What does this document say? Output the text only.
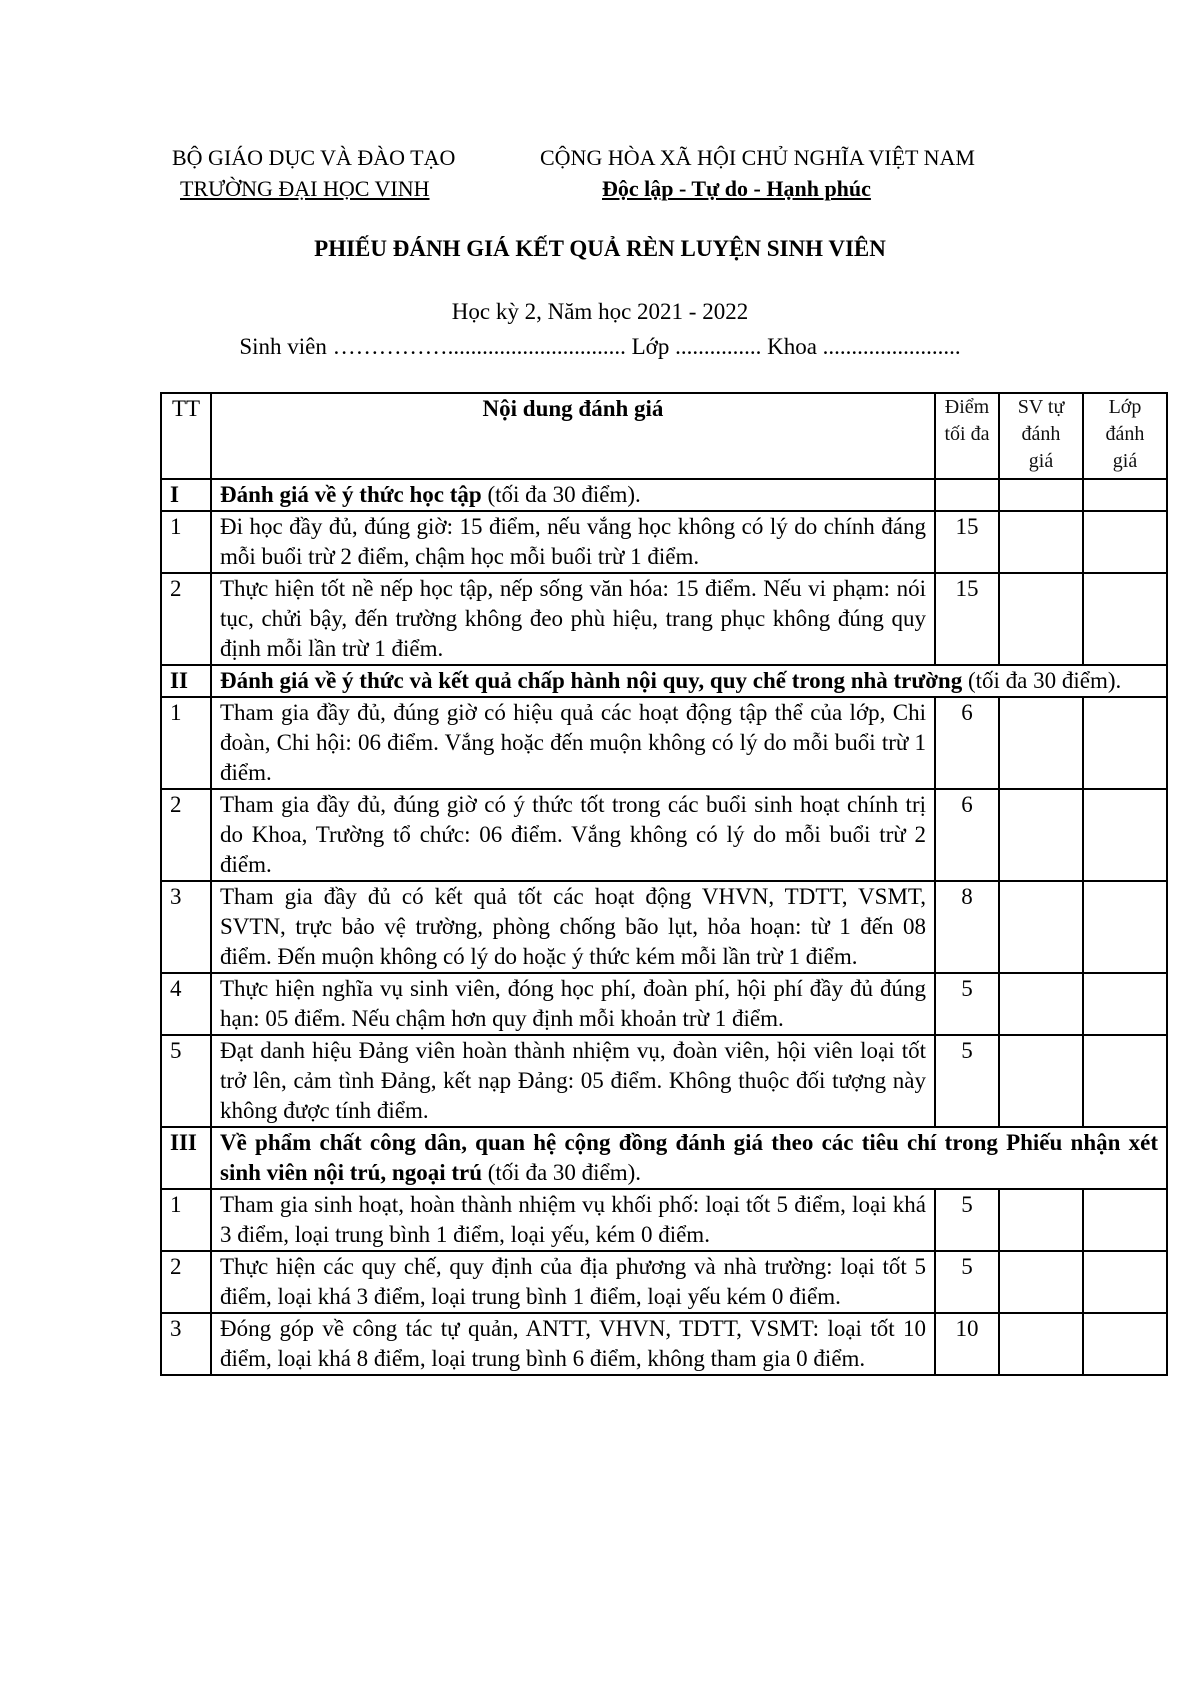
BỘ GIÁO DỤC VÀ ĐÀO TẠO
TRƯỜNG ĐẠI HỌC VINH
CỘNG HÒA XÃ HỘI CHỦ NGHĨA VIỆT NAM
Độc lập - Tự do - Hạnh phúc
PHIẾU ĐÁNH GIÁ KẾT QUẢ RÈN LUYỆN SINH VIÊN
Học kỳ 2, Năm học 2021 - 2022
Sinh viên ……………............................... Lớp ............... Khoa ........................
TT	Nội dung đánh giá	Điểm tối đa	SV tự đánh giá	Lớp đánh giá
I	Đánh giá về ý thức học tập (tối đa 30 điểm).			
1	Đi học đầy đủ, đúng giờ: 15 điểm, nếu vắng học không có lý do chính đáng mỗi buổi trừ 2 điểm, chậm học mỗi buổi trừ 1 điểm.	15		
2	Thực hiện tốt nề nếp học tập, nếp sống văn hóa: 15 điểm. Nếu vi phạm: nói tục, chửi bậy, đến trường không đeo phù hiệu, trang phục không đúng quy định mỗi lần trừ 1 điểm.	15		
II	Đánh giá về ý thức và kết quả chấp hành nội quy, quy chế trong nhà trường (tối đa 30 điểm).			
1	Tham gia đầy đủ, đúng giờ có hiệu quả các hoạt động tập thể của lớp, Chi đoàn, Chi hội: 06 điểm. Vắng hoặc đến muộn không có lý do mỗi buổi trừ 1 điểm.	6		
2	Tham gia đầy đủ, đúng giờ có ý thức tốt trong các buổi sinh hoạt chính trị do Khoa, Trường tổ chức: 06 điểm. Vắng không có lý do mỗi buổi trừ 2 điểm.	6		
3	Tham gia đầy đủ có kết quả tốt các hoạt động VHVN, TDTT, VSMT, SVTN, trực bảo vệ trường, phòng chống bão lụt, hỏa hoạn: từ 1 đến 08 điểm. Đến muộn không có lý do hoặc ý thức kém mỗi lần trừ 1 điểm.	8		
4	Thực hiện nghĩa vụ sinh viên, đóng học phí, đoàn phí, hội phí đầy đủ đúng hạn: 05 điểm. Nếu chậm hơn quy định mỗi khoản trừ 1 điểm.	5		
5	Đạt danh hiệu Đảng viên hoàn thành nhiệm vụ, đoàn viên, hội viên loại tốt trở lên, cảm tình Đảng, kết nạp Đảng: 05 điểm. Không thuộc đối tượng này không được tính điểm.	5		
III	Về phẩm chất công dân, quan hệ cộng đồng đánh giá theo các tiêu chí trong Phiếu nhận xét sinh viên nội trú, ngoại trú (tối đa 30 điểm).			
1	Tham gia sinh hoạt, hoàn thành nhiệm vụ khối phố: loại tốt 5 điểm, loại khá 3 điểm, loại trung bình 1 điểm, loại yếu, kém 0 điểm.	5		
2	Thực hiện các quy chế, quy định của địa phương và nhà trường: loại tốt 5 điểm, loại khá 3 điểm, loại trung bình 1 điểm, loại yếu kém 0 điểm.	5		
3	Đóng góp về công tác tự quản, ANTT, VHVN, TDTT, VSMT: loại tốt 10 điểm, loại khá 8 điểm, loại trung bình 6 điểm, không tham gia 0 điểm.	10		
